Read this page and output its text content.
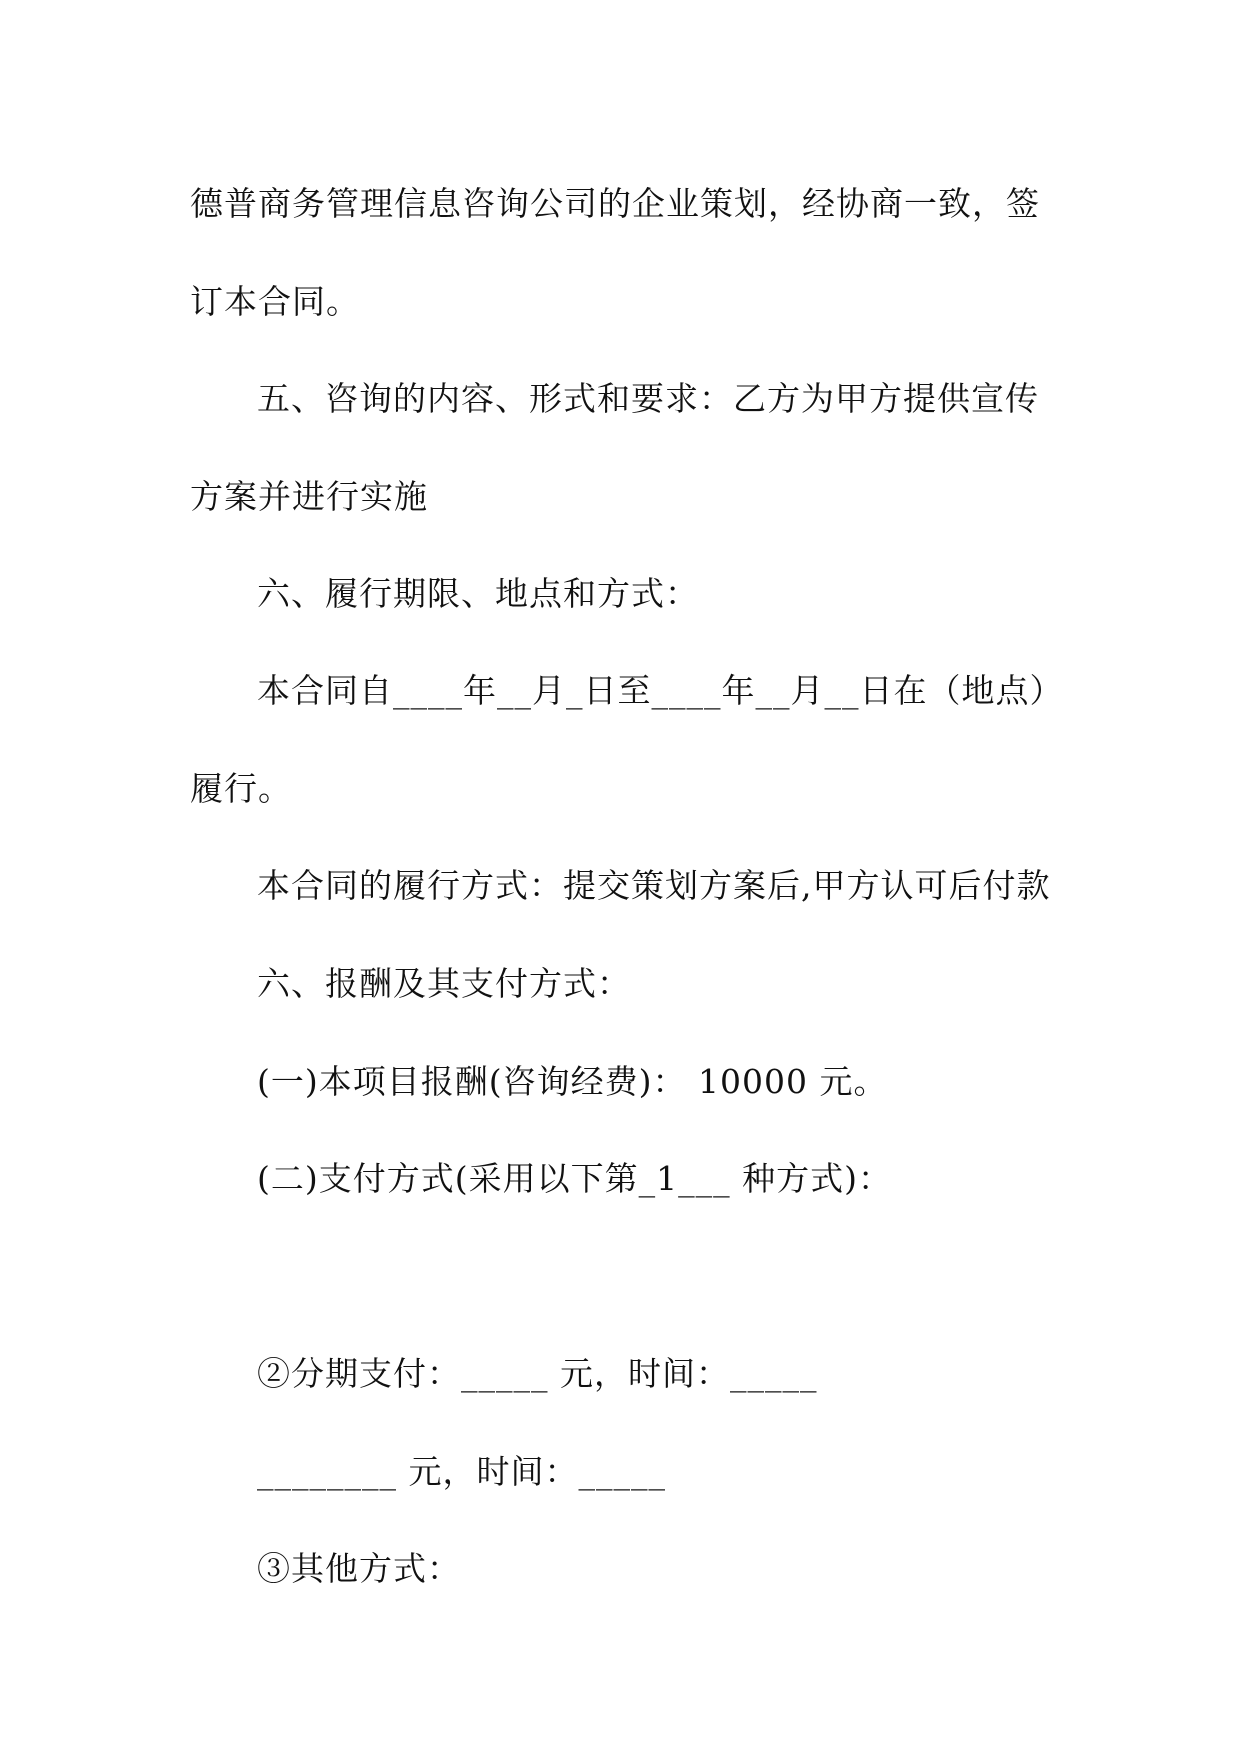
德普商务管理信息咨询公司的企业策划，经协商一致，签
订本合同。
五、咨询的内容、形式和要求：乙方为甲方提供宣传
方案并进行实施
六、履行期限、地点和方式：
本合同自____年__月_日至____年__月__日在（地点）
履行。
本合同的履行方式：提交策划方案后,甲方认可后付款
六、报酬及其支付方式：
(一)本项目报酬(咨询经费)： 10000 元。
(二)支付方式(采用以下第_1___ 种方式)：
②分期支付：_____ 元，时间：_____
________ 元，时间：_____
③其他方式：
